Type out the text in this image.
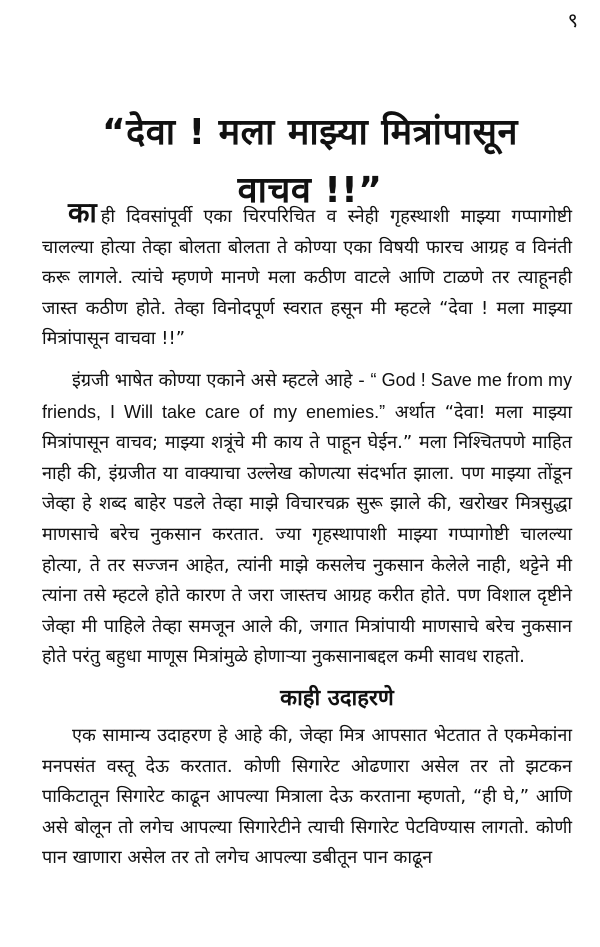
९
“देवा ! मला माझ्या मित्रांपासून
वाचव !!”

काही दिवसांपूर्वी एका चिरपरिचित व स्नेही गृहस्थाशी माझ्या गप्पागोष्टी चालल्या होत्या तेव्हा बोलता बोलता ते कोण्या एका विषयी फारच आग्रह व विनंती करू लागले. त्यांचे म्हणणे मानणे मला कठीण वाटले आणि टाळणे तर त्याहूनही जास्त कठीण होते. तेव्हा विनोदपूर्ण स्वरात हसून मी म्हटले “देवा ! मला माझ्या मित्रांपासून वाचवा !!”

इंग्रजी भाषेत कोण्या एकाने असे म्हटले आहे - “ God ! Save me from my friends, I Will take care of my enemies.” अर्थात “देवा! मला माझ्या मित्रांपासून वाचव; माझ्या शत्रूंचे मी काय ते पाहून घेईन.” मला निश्चितपणे माहित नाही की, इंग्रजीत या वाक्याचा उल्लेख कोणत्या संदर्भात झाला. पण माझ्या तोंडून जेव्हा हे शब्द बाहेर पडले तेव्हा माझे विचारचक्र सुरू झाले की, खरोखर मित्रसुद्धा माणसाचे बरेच नुकसान करतात. ज्या गृहस्थापाशी माझ्या गप्पागोष्टी चालल्या होत्या, ते तर सज्जन आहेत, त्यांनी माझे कसलेच नुकसान केलेले नाही, थट्टेने मी त्यांना तसे म्हटले होते कारण ते जरा जास्तच आग्रह करीत होते. पण विशाल दृष्टीने जेव्हा मी पाहिले तेव्हा समजून आले की, जगात मित्रांपायी माणसाचे बरेच नुकसान होते परंतु बहुधा माणूस मित्रांमुळे होणाऱ्या नुकसानाबद्दल कमी सावध राहतो.

काही उदाहरणे

एक सामान्य उदाहरण हे आहे की, जेव्हा मित्र आपसात भेटतात ते एकमेकांना मनपसंत वस्तू देऊ करतात. कोणी सिगारेट ओढणारा असेल तर तो झटकन पाकिटातून सिगारेट काढून आपल्या मित्राला देऊ करताना म्हणतो, “ही घे,” आणि असे बोलून तो लगेच आपल्या सिगारेटीने त्याची सिगारेट पेटविण्यास लागतो. कोणी पान खाणारा असेल तर तो लगेच आपल्या डबीतून पान काढून
